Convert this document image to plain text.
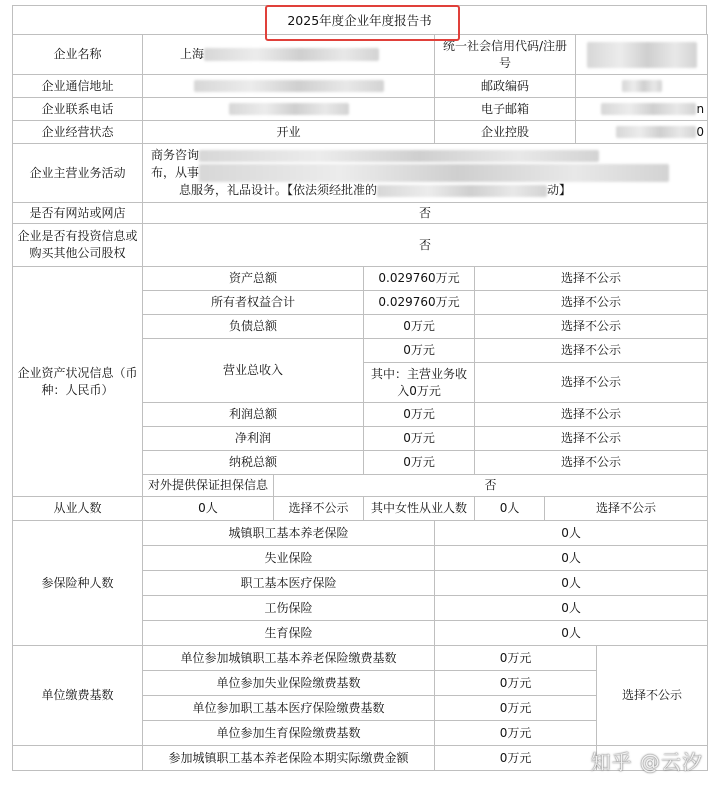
2025年度企业年度报告书
企业名称	上海			统一社会信用代码/注册号				
企业通信地址				邮政编码				
企业联系电话				电子邮箱			n	
企业经营状态	开业			企业控股			0	
企业主营业务活动	商务咨询
布，从事
息服务，礼品设计。【依法须经批准的 动】							

是否有网站或网店	否							
企业是否有投资信息或购买其他公司股权	否							
企业资产状况信息（币种：人民币）	资产总额		0.029760万元		选择不公示			
	所有者权益合计		0.029760万元		选择不公示			
	负债总额		0万元		选择不公示			
	营业总收入		0万元		选择不公示			
			其中：主营业务收入0万元		选择不公示			
	利润总额		0万元		选择不公示			
	净利润		0万元		选择不公示			
	纳税总额		0万元		选择不公示			
	对外提供保证担保信息	否						
从业人数	0人	选择不公示	其中女性从业人数		0人	选择不公示		
参保险种人数	城镇职工基本养老保险			0人				
	失业保险			0人				
	职工基本医疗保险			0人				
	工伤保险			0人				
	生育保险			0人				
单位缴费基数	单位参加城镇职工基本养老保险缴费基数			0万元				选择不公示
	单位参加失业保险缴费基数			0万元				
	单位参加职工基本医疗保险缴费基数			0万元				
	单位参加生育保险缴费基数			0万元				
	参加城镇职工基本养老保险本期实际缴费金额			0万元					知乎 @云汐
